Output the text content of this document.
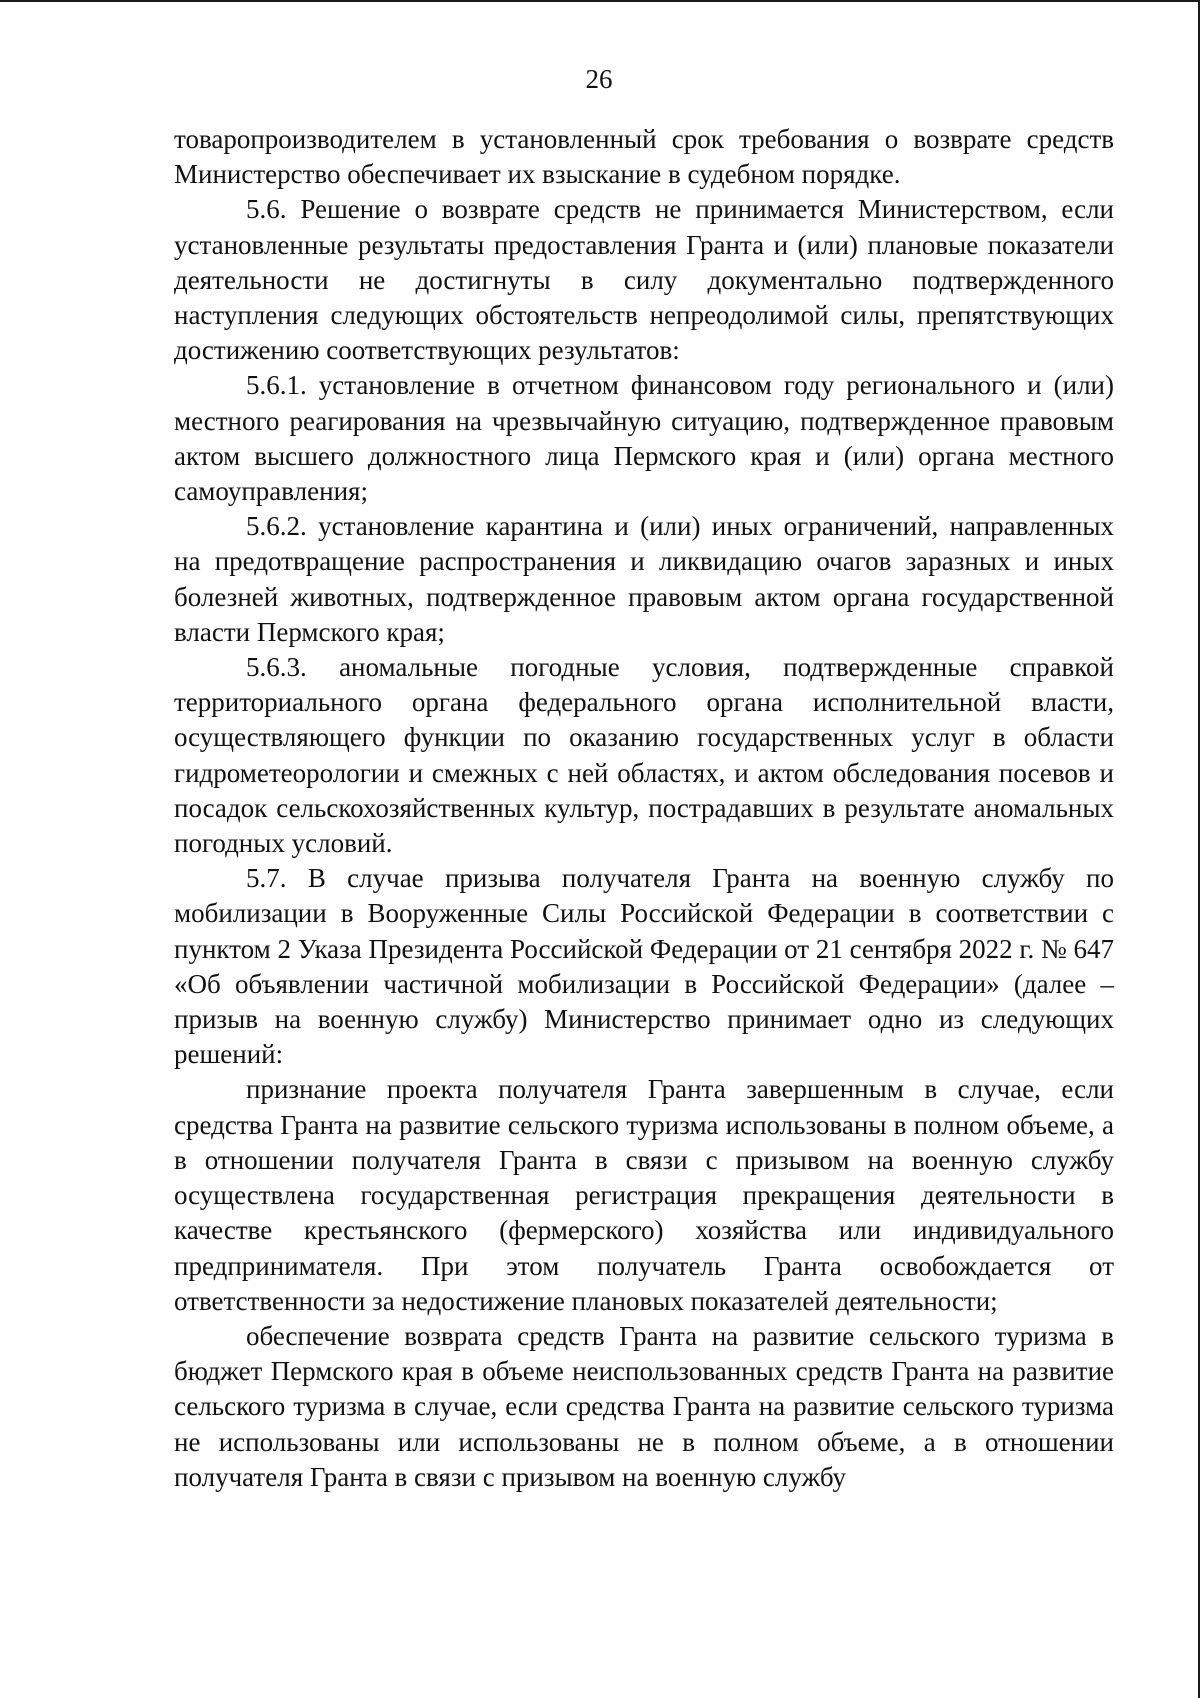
26

товаропроизводителем в установленный срок требования о возврате средств Министерство обеспечивает их взыскание в судебном порядке.

5.6. Решение о возврате средств не принимается Министерством, если установленные результаты предоставления Гранта и (или) плановые показатели деятельности не достигнуты в силу документально подтвержденного наступления следующих обстоятельств непреодолимой силы, препятствующих достижению соответствующих результатов:

5.6.1. установление в отчетном финансовом году регионального и (или) местного реагирования на чрезвычайную ситуацию, подтвержденное правовым актом высшего должностного лица Пермского края и (или) органа местного самоуправления;

5.6.2. установление карантина и (или) иных ограничений, направленных на предотвращение распространения и ликвидацию очагов заразных и иных болезней животных, подтвержденное правовым актом органа государственной власти Пермского края;

5.6.3. аномальные погодные условия, подтвержденные справкой территориального органа федерального органа исполнительной власти, осуществляющего функции по оказанию государственных услуг в области гидрометеорологии и смежных с ней областях, и актом обследования посевов и посадок сельскохозяйственных культур, пострадавших в результате аномальных погодных условий.

5.7. В случае призыва получателя Гранта на военную службу по мобилизации в Вооруженные Силы Российской Федерации в соответствии с пунктом 2 Указа Президента Российской Федерации от 21 сентября 2022 г. № 647 «Об объявлении частичной мобилизации в Российской Федерации» (далее – призыв на военную службу) Министерство принимает одно из следующих решений:

признание проекта получателя Гранта завершенным в случае, если средства Гранта на развитие сельского туризма использованы в полном объеме, а в отношении получателя Гранта в связи с призывом на военную службу осуществлена государственная регистрация прекращения деятельности в качестве крестьянского (фермерского) хозяйства или индивидуального предпринимателя. При этом получатель Гранта освобождается от ответственности за недостижение плановых показателей деятельности;

обеспечение возврата средств Гранта на развитие сельского туризма в бюджет Пермского края в объеме неиспользованных средств Гранта на развитие сельского туризма в случае, если средства Гранта на развитие сельского туризма не использованы или использованы не в полном объеме, а в отношении получателя Гранта в связи с призывом на военную службу
